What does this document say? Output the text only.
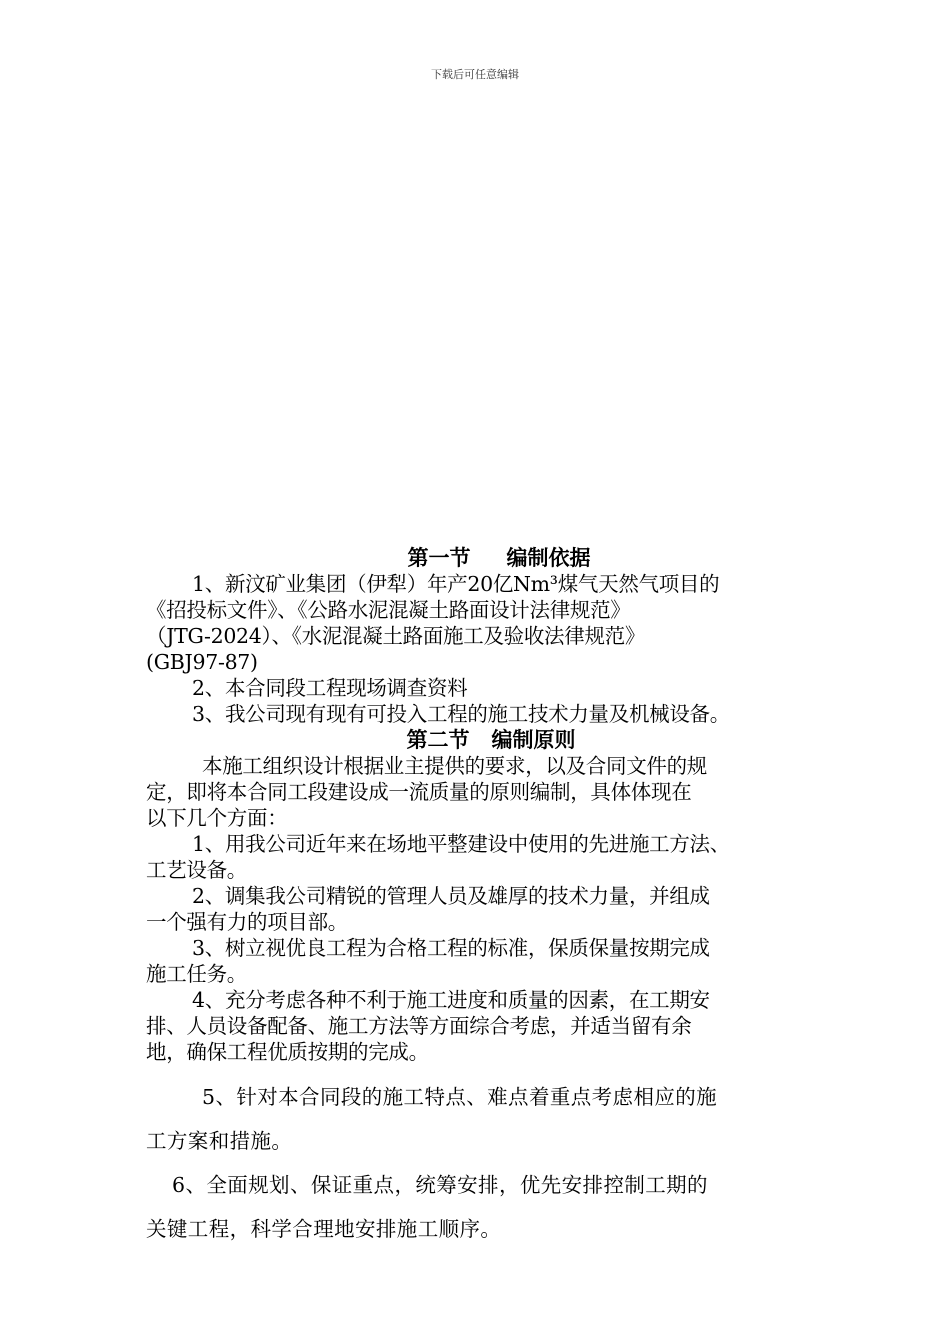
下载后可任意编辑
第一节 编制依据

1、新汶矿业集团（伊犁）年产20亿Nm³煤气天然气项目的

《招投标文件》、《公路水泥混凝土路面设计法律规范》

（JTG-2024）、《水泥混凝土路面施工及验收法律规范》

(GBJ97-87)

2、本合同段工程现场调查资料

3、我公司现有现有可投入工程的施工技术力量及机械设备。

第二节 编制原则

本施工组织设计根据业主提供的要求，以及合同文件的规

定，即将本合同工段建设成一流质量的原则编制，具体体现在

以下几个方面：

1、用我公司近年来在场地平整建设中使用的先进施工方法、

工艺设备。

2、调集我公司精锐的管理人员及雄厚的技术力量，并组成

一个强有力的项目部。

3、树立视优良工程为合格工程的标准，保质保量按期完成

施工任务。

4、充分考虑各种不利于施工进度和质量的因素，在工期安

排、人员设备配备、施工方法等方面综合考虑，并适当留有余

地，确保工程优质按期的完成。

5、针对本合同段的施工特点、难点着重点考虑相应的施

工方案和措施。

6、全面规划、保证重点，统筹安排，优先安排控制工期的

关键工程，科学合理地安排施工顺序。
